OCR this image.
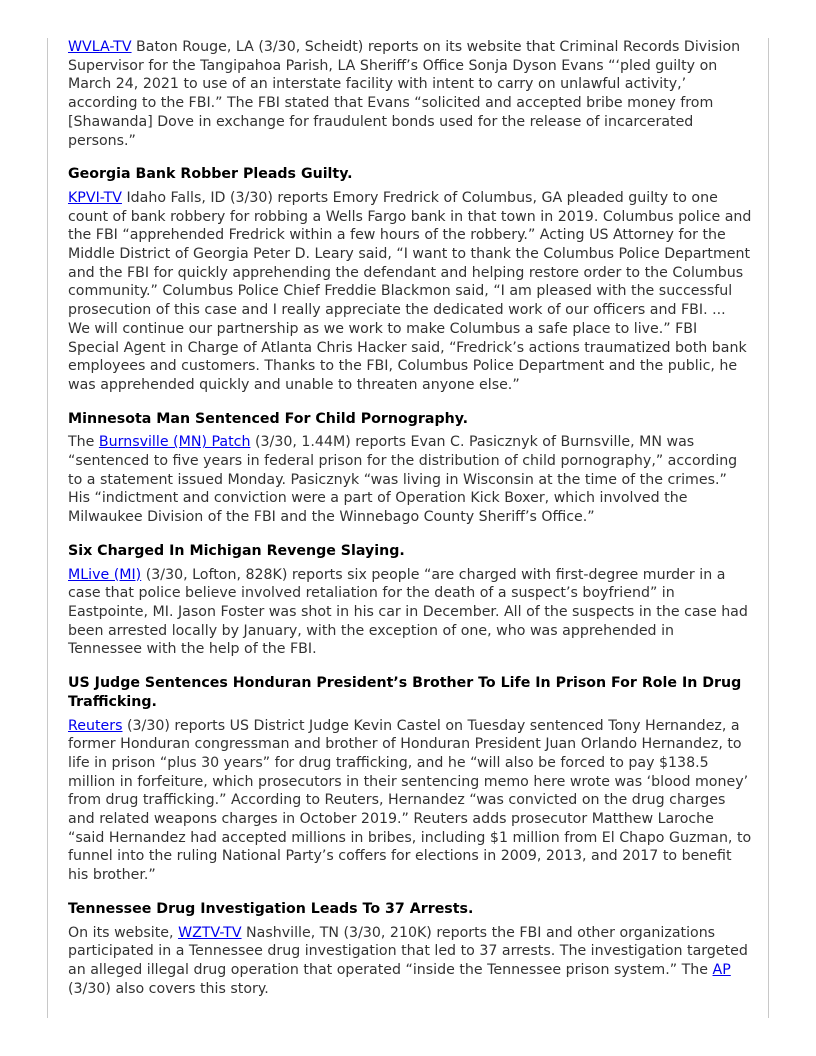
WVLA-TV Baton Rouge, LA (3/30, Scheidt) reports on its website that Criminal Records Division Supervisor for the Tangipahoa Parish, LA Sheriff’s Office Sonja Dyson Evans “‘pled guilty on March 24, 2021 to use of an interstate facility with intent to carry on unlawful activity,’ according to the FBI.” The FBI stated that Evans “solicited and accepted bribe money from [Shawanda] Dove in exchange for fraudulent bonds used for the release of incarcerated persons.”

Georgia Bank Robber Pleads Guilty.

KPVI-TV Idaho Falls, ID (3/30) reports Emory Fredrick of Columbus, GA pleaded guilty to one count of bank robbery for robbing a Wells Fargo bank in that town in 2019. Columbus police and the FBI “apprehended Fredrick within a few hours of the robbery.” Acting US Attorney for the Middle District of Georgia Peter D. Leary said, “I want to thank the Columbus Police Department and the FBI for quickly apprehending the defendant and helping restore order to the Columbus community.” Columbus Police Chief Freddie Blackmon said, “I am pleased with the successful prosecution of this case and I really appreciate the dedicated work of our officers and FBI. ... We will continue our partnership as we work to make Columbus a safe place to live.” FBI Special Agent in Charge of Atlanta Chris Hacker said, “Fredrick’s actions traumatized both bank employees and customers. Thanks to the FBI, Columbus Police Department and the public, he was apprehended quickly and unable to threaten anyone else.”

Minnesota Man Sentenced For Child Pornography.

The Burnsville (MN) Patch (3/30, 1.44M) reports Evan C. Pasicznyk of Burnsville, MN was “sentenced to five years in federal prison for the distribution of child pornography,” according to a statement issued Monday. Pasicznyk “was living in Wisconsin at the time of the crimes.” His “indictment and conviction were a part of Operation Kick Boxer, which involved the Milwaukee Division of the FBI and the Winnebago County Sheriff’s Office.”

Six Charged In Michigan Revenge Slaying.

MLive (MI) (3/30, Lofton, 828K) reports six people “are charged with first-degree murder in a case that police believe involved retaliation for the death of a suspect’s boyfriend” in Eastpointe, MI. Jason Foster was shot in his car in December. All of the suspects in the case had been arrested locally by January, with the exception of one, who was apprehended in Tennessee with the help of the FBI.

US Judge Sentences Honduran President’s Brother To Life In Prison For Role In Drug Trafficking.

Reuters (3/30) reports US District Judge Kevin Castel on Tuesday sentenced Tony Hernandez, a former Honduran congressman and brother of Honduran President Juan Orlando Hernandez, to life in prison “plus 30 years” for drug trafficking, and he “will also be forced to pay $138.5 million in forfeiture, which prosecutors in their sentencing memo here wrote was ‘blood money’ from drug trafficking.” According to Reuters, Hernandez “was convicted on the drug charges and related weapons charges in October 2019.” Reuters adds prosecutor Matthew Laroche “said Hernandez had accepted millions in bribes, including $1 million from El Chapo Guzman, to funnel into the ruling National Party’s coffers for elections in 2009, 2013, and 2017 to benefit his brother.”

Tennessee Drug Investigation Leads To 37 Arrests.

On its website, WZTV-TV Nashville, TN (3/30, 210K) reports the FBI and other organizations participated in a Tennessee drug investigation that led to 37 arrests. The investigation targeted an alleged illegal drug operation that operated “inside the Tennessee prison system.” The AP (3/30) also covers this story.
